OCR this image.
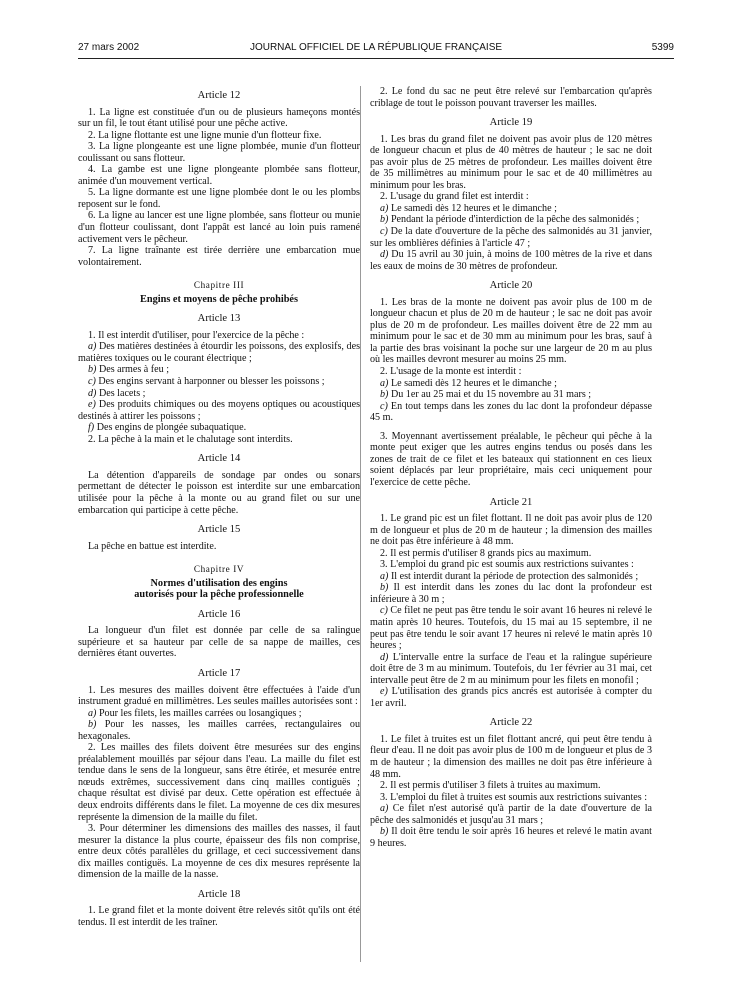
27 mars 2002	JOURNAL OFFICIEL DE LA RÉPUBLIQUE FRANÇAISE	5399

Article 12

1. La ligne est constituée d'un ou de plusieurs hameçons montés sur un fil, le tout étant utilisé pour une pêche active.

2. La ligne flottante est une ligne munie d'un flotteur fixe.

3. La ligne plongeante est une ligne plombée, munie d'un flotteur coulissant ou sans flotteur.

4. La gambe est une ligne plongeante plombée sans flotteur, animée d'un mouvement vertical.

5. La ligne dormante est une ligne plombée dont le ou les plombs reposent sur le fond.

6. La ligne au lancer est une ligne plombée, sans flotteur ou munie d'un flotteur coulissant, dont l'appât est lancé au loin puis ramené activement vers le pêcheur.

7. La ligne traînante est tirée derrière une embarcation mue volontairement.

Chapitre III

Engins et moyens de pêche prohibés

Article 13

1. Il est interdit d'utiliser, pour l'exercice de la pêche :

a) Des matières destinées à étourdir les poissons, des explosifs, des matières toxiques ou le courant électrique ;

b) Des armes à feu ;

c) Des engins servant à harponner ou blesser les poissons ;

d) Des lacets ;

e) Des produits chimiques ou des moyens optiques ou acoustiques destinés à attirer les poissons ;

f) Des engins de plongée subaquatique.

2. La pêche à la main et le chalutage sont interdits.

Article 14

La détention d'appareils de sondage par ondes ou sonars permettant de détecter le poisson est interdite sur une embarcation utilisée pour la pêche à la monte ou au grand filet ou sur une embarcation qui participe à cette pêche.

Article 15

La pêche en battue est interdite.

Chapitre IV

Normes d'utilisation des engins

autorisés pour la pêche professionnelle

Article 16

La longueur d'un filet est donnée par celle de sa ralingue supérieure et sa hauteur par celle de sa nappe de mailles, ces dernières étant ouvertes.

Article 17

1. Les mesures des mailles doivent être effectuées à l'aide d'un instrument gradué en millimètres. Les seules mailles autorisées sont :

a) Pour les filets, les mailles carrées ou losangiques ;

b) Pour les nasses, les mailles carrées, rectangulaires ou hexagonales.

2. Les mailles des filets doivent être mesurées sur des engins préalablement mouillés par séjour dans l'eau. La maille du filet est tendue dans le sens de la longueur, sans être étirée, et mesurée entre nœuds extrêmes, successivement dans cinq mailles contiguës ; chaque résultat est divisé par deux. Cette opération est effectuée à deux endroits différents dans le filet. La moyenne de ces dix mesures représente la dimension de la maille du filet.

3. Pour déterminer les dimensions des mailles des nasses, il faut mesurer la distance la plus courte, épaisseur des fils non comprise, entre deux côtés parallèles du grillage, et ceci successivement dans dix mailles contiguës. La moyenne de ces dix mesures représente la dimension de la maille de la nasse.

Article 18

1. Le grand filet et la monte doivent être relevés sitôt qu'ils ont été tendus. Il est interdit de les traîner.

2. Le fond du sac ne peut être relevé sur l'embarcation qu'après criblage de tout le poisson pouvant traverser les mailles.

Article 19

1. Les bras du grand filet ne doivent pas avoir plus de 120 mètres de longueur chacun et plus de 40 mètres de hauteur ; le sac ne doit pas avoir plus de 25 mètres de profondeur. Les mailles doivent être de 35 millimètres au minimum pour le sac et de 40 millimètres au minimum pour les bras.

2. L'usage du grand filet est interdit :

a) Le samedi dès 12 heures et le dimanche ;

b) Pendant la période d'interdiction de la pêche des salmonidés ;

c) De la date d'ouverture de la pêche des salmonidés au 31 janvier, sur les omblières définies à l'article 47 ;

d) Du 15 avril au 30 juin, à moins de 100 mètres de la rive et dans les eaux de moins de 30 mètres de profondeur.

Article 20

1. Les bras de la monte ne doivent pas avoir plus de 100 m de longueur chacun et plus de 20 m de hauteur ; le sac ne doit pas avoir plus de 20 m de profondeur. Les mailles doivent être de 22 mm au minimum pour le sac et de 30 mm au minimum pour les bras, sauf à la partie des bras voisinant la poche sur une largeur de 20 m au plus où les mailles devront mesurer au moins 25 mm.

2. L'usage de la monte est interdit :

a) Le samedi dès 12 heures et le dimanche ;

b) Du 1er au 25 mai et du 15 novembre au 31 mars ;

c) En tout temps dans les zones du lac dont la profondeur dépasse 45 m.

3. Moyennant avertissement préalable, le pêcheur qui pêche à la monte peut exiger que les autres engins tendus ou posés dans les zones de trait de ce filet et les bateaux qui stationnent en ces lieux soient déplacés par leur propriétaire, mais ceci uniquement pour l'exercice de cette pêche.

Article 21

1. Le grand pic est un filet flottant. Il ne doit pas avoir plus de 120 m de longueur et plus de 20 m de hauteur ; la dimension des mailles ne doit pas être inférieure à 48 mm.

2. Il est permis d'utiliser 8 grands pics au maximum.

3. L'emploi du grand pic est soumis aux restrictions suivantes :

a) Il est interdit durant la période de protection des salmonidés ;

b) Il est interdit dans les zones du lac dont la profondeur est inférieure à 30 m ;

c) Ce filet ne peut pas être tendu le soir avant 16 heures ni relevé le matin après 10 heures. Toutefois, du 15 mai au 15 septembre, il ne peut pas être tendu le soir avant 17 heures ni relevé le matin après 10 heures ;

d) L'intervalle entre la surface de l'eau et la ralingue supérieure doit être de 3 m au minimum. Toutefois, du 1er février au 31 mai, cet intervalle peut être de 2 m au minimum pour les filets en monofil ;

e) L'utilisation des grands pics ancrés est autorisée à compter du 1er avril.

Article 22

1. Le filet à truites est un filet flottant ancré, qui peut être tendu à fleur d'eau. Il ne doit pas avoir plus de 100 m de longueur et plus de 3 m de hauteur ; la dimension des mailles ne doit pas être inférieure à 48 mm.

2. Il est permis d'utiliser 3 filets à truites au maximum.

3. L'emploi du filet à truites est soumis aux restrictions suivantes :

a) Ce filet n'est autorisé qu'à partir de la date d'ouverture de la pêche des salmonidés et jusqu'au 31 mars ;

b) Il doit être tendu le soir après 16 heures et relevé le matin avant 9 heures.
